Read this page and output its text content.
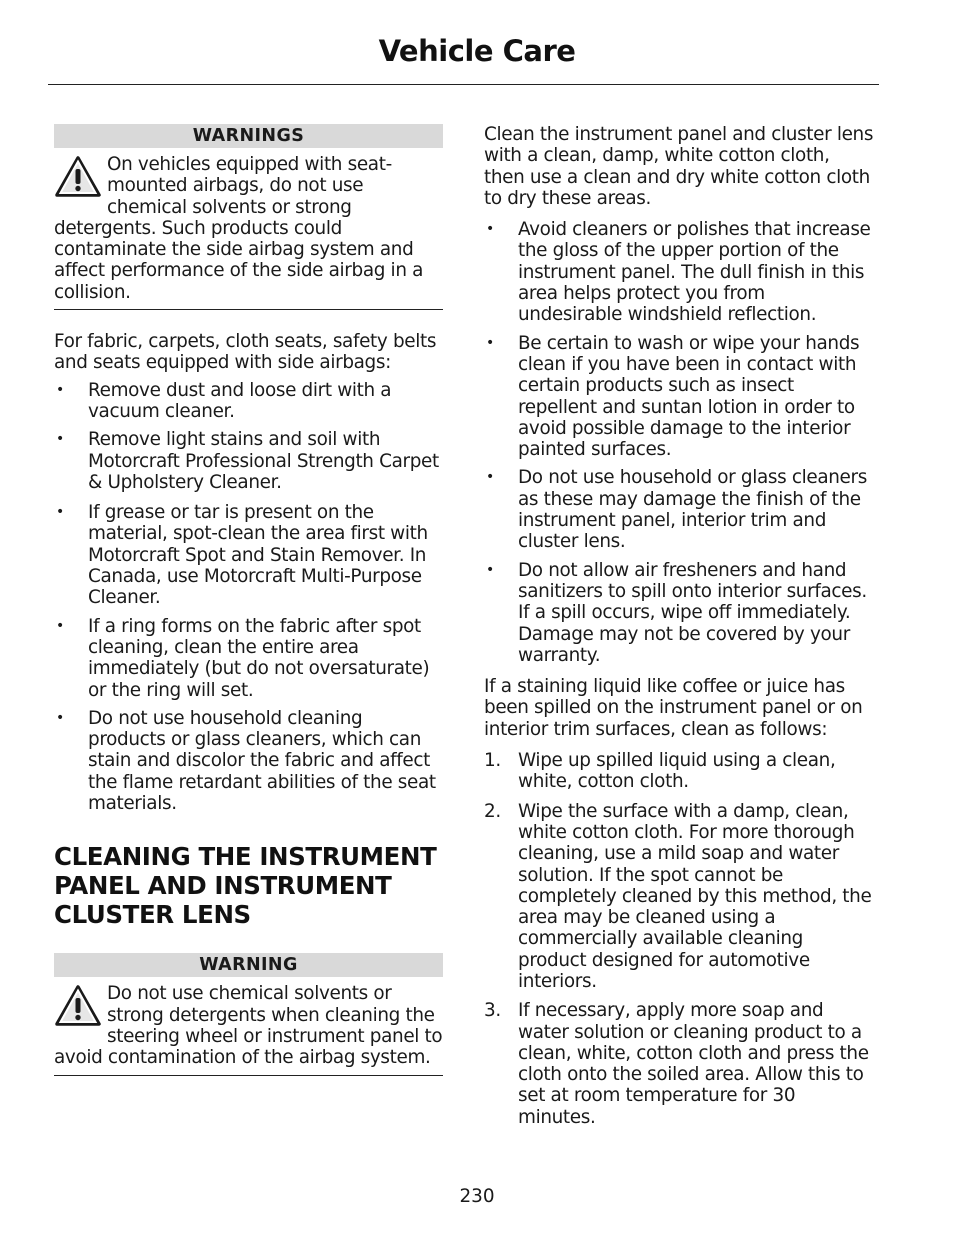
Vehicle Care
WARNINGS
On vehicles equipped with seat-mounted airbags, do not use chemical solvents or strong detergents. Such products could contaminate the side airbag system and affect performance of the side airbag in a collision.

For fabric, carpets, cloth seats, safety belts and seats equipped with side airbags:

• Remove dust and loose dirt with a vacuum cleaner.
• Remove light stains and soil with Motorcraft Professional Strength Carpet & Upholstery Cleaner.
• If grease or tar is present on the material, spot-clean the area first with Motorcraft Spot and Stain Remover. In Canada, use Motorcraft Multi-Purpose Cleaner.
• If a ring forms on the fabric after spot cleaning, clean the entire area immediately (but do not oversaturate) or the ring will set.
• Do not use household cleaning products or glass cleaners, which can stain and discolor the fabric and affect the flame retardant abilities of the seat materials.
CLEANING THE INSTRUMENT PANEL AND INSTRUMENT CLUSTER LENS
WARNING
Do not use chemical solvents or strong detergents when cleaning the steering wheel or instrument panel to avoid contamination of the airbag system.

Clean the instrument panel and cluster lens with a clean, damp, white cotton cloth, then use a clean and dry white cotton cloth to dry these areas.

• Avoid cleaners or polishes that increase the gloss of the upper portion of the instrument panel. The dull finish in this area helps protect you from undesirable windshield reflection.
• Be certain to wash or wipe your hands clean if you have been in contact with certain products such as insect repellent and suntan lotion in order to avoid possible damage to the interior painted surfaces.
• Do not use household or glass cleaners as these may damage the finish of the instrument panel, interior trim and cluster lens.
• Do not allow air fresheners and hand sanitizers to spill onto interior surfaces. If a spill occurs, wipe off immediately. Damage may not be covered by your warranty.

If a staining liquid like coffee or juice has been spilled on the instrument panel or on interior trim surfaces, clean as follows:

1. Wipe up spilled liquid using a clean, white, cotton cloth.
2. Wipe the surface with a damp, clean, white cotton cloth. For more thorough cleaning, use a mild soap and water solution. If the spot cannot be completely cleaned by this method, the area may be cleaned using a commercially available cleaning product designed for automotive interiors.
3. If necessary, apply more soap and water solution or cleaning product to a clean, white, cotton cloth and press the cloth onto the soiled area. Allow this to set at room temperature for 30 minutes.
230
